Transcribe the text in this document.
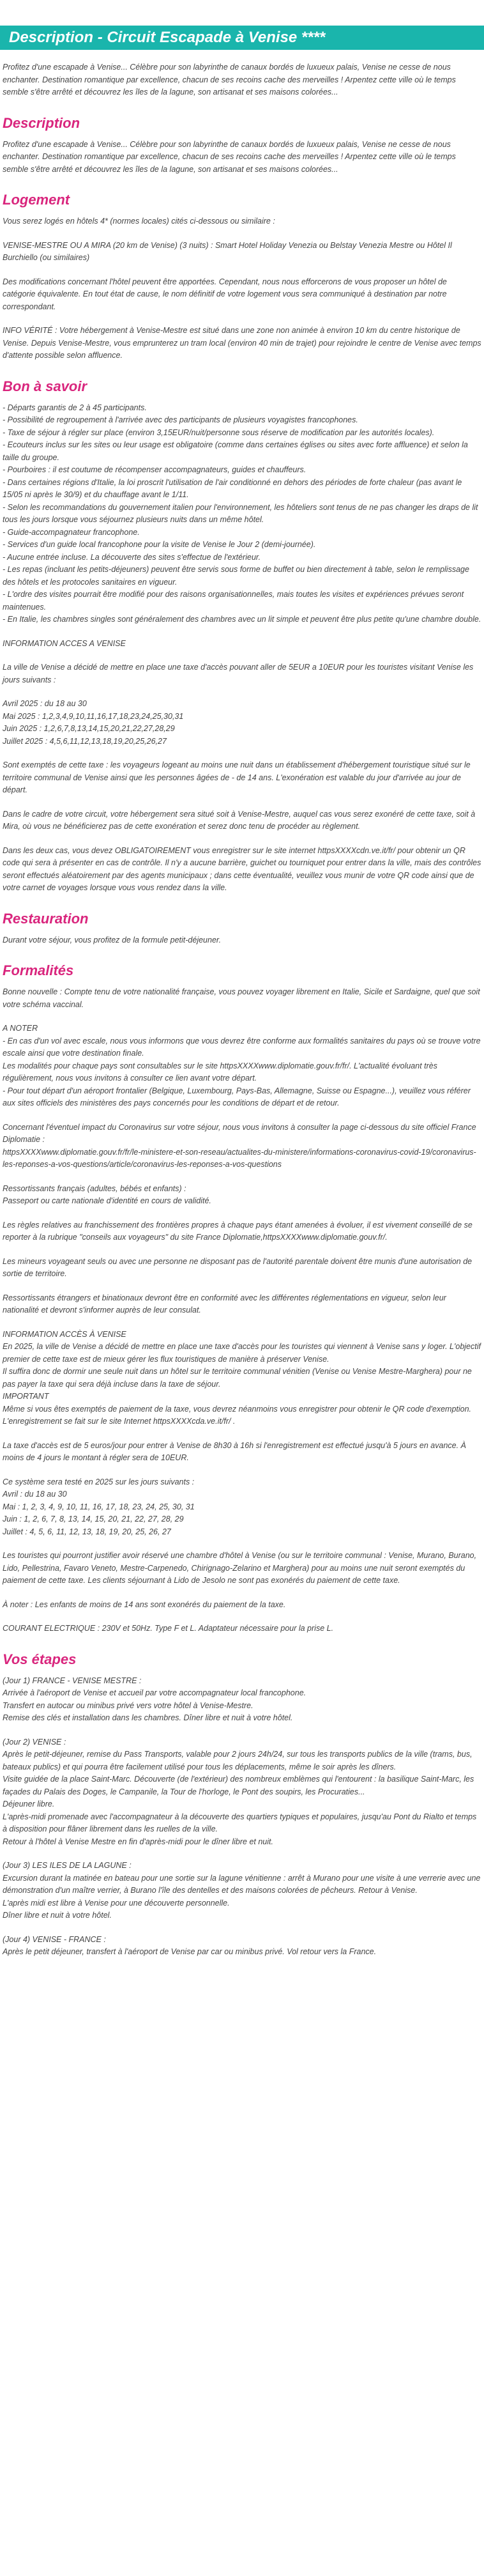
Description - Circuit Escapade à Venise ****

Profitez d'une escapade à Venise... Célèbre pour son labyrinthe de canaux bordés de luxueux palais, Venise ne cesse de nous enchanter. Destination romantique par excellence, chacun de ses recoins cache des merveilles ! Arpentez cette ville où le temps semble s'être arrêté et découvrez les îles de la lagune, son artisanat et ses maisons colorées...

Description

Profitez d'une escapade à Venise... Célèbre pour son labyrinthe de canaux bordés de luxueux palais, Venise ne cesse de nous enchanter. Destination romantique par excellence, chacun de ses recoins cache des merveilles ! Arpentez cette ville où le temps semble s'être arrêté et découvrez les îles de la lagune, son artisanat et ses maisons colorées...

Logement

Vous serez logés en hôtels 4* (normes locales) cités ci-dessous ou similaire :

VENISE-MESTRE OU A MIRA (20 km de Venise) (3 nuits) : Smart Hotel Holiday Venezia ou Belstay Venezia Mestre ou Hôtel Il Burchiello (ou similaires)

Des modifications concernant l'hôtel peuvent être apportées. Cependant, nous nous efforcerons de vous proposer un hôtel de catégorie équivalente. En tout état de cause, le nom définitif de votre logement vous sera communiqué à destination par notre correspondant.

INFO VÉRITÉ : Votre hébergement à Venise-Mestre est situé dans une zone non animée à environ 10 km du centre historique de Venise. Depuis Venise-Mestre, vous emprunterez un tram local (environ 40 min de trajet) pour rejoindre le centre de Venise avec temps d'attente possible selon affluence.

Bon à savoir

- Départs garantis de 2 à 45 participants.
- Possibilité de regroupement à l'arrivée avec des participants de plusieurs voyagistes francophones.
- Taxe de séjour à régler sur place (environ 3,15EUR/nuit/personne sous réserve de modification par les autorités locales).
- Ecouteurs inclus sur les sites ou leur usage est obligatoire (comme dans certaines églises ou sites avec forte affluence) et selon la taille du groupe.
- Pourboires : il est coutume de récompenser accompagnateurs, guides et chauffeurs.
- Dans certaines régions d'Italie, la loi proscrit l'utilisation de l'air conditionné en dehors des périodes de forte chaleur (pas avant le 15/05 ni après le 30/9) et du chauffage avant le 1/11.
- Selon les recommandations du gouvernement italien pour l'environnement, les hôteliers sont tenus de ne pas changer les draps de lit tous les jours lorsque vous séjournez plusieurs nuits dans un même hôtel.
- Guide-accompagnateur francophone.
- Services d'un guide local francophone pour la visite de Venise le Jour 2 (demi-journée).
- Aucune entrée incluse. La découverte des sites s'effectue de l'extérieur.
- Les repas (incluant les petits-déjeuners) peuvent être servis sous forme de buffet ou bien directement à table, selon le remplissage des hôtels et les protocoles sanitaires en vigueur.
- L'ordre des visites pourrait être modifié pour des raisons organisationnelles, mais toutes les visites et expériences prévues seront maintenues.
- En Italie, les chambres singles sont généralement des chambres avec un lit simple et peuvent être plus petite qu'une chambre double.

INFORMATION ACCES A VENISE

La ville de Venise a décidé de mettre en place une taxe d'accès pouvant aller de 5EUR a 10EUR pour les touristes visitant Venise les jours suivants :

Avril 2025 : du 18 au 30
Mai 2025 : 1,2,3,4,9,10,11,16,17,18,23,24,25,30,31
Juin 2025 : 1,2,6,7,8,13,14,15,20,21,22,27,28,29
Juillet 2025 : 4,5,6,11,12,13,18,19,20,25,26,27

Sont exemptés de cette taxe : les voyageurs logeant au moins une nuit dans un établissement d'hébergement touristique situé sur le territoire communal de Venise ainsi que les personnes âgées de - de 14 ans. L'exonération est valable du jour d'arrivée au jour de départ.

Dans le cadre de votre circuit, votre hébergement sera situé soit à Venise-Mestre, auquel cas vous serez exonéré de cette taxe, soit à Mira, où vous ne bénéficierez pas de cette exonération et serez donc tenu de procéder au règlement.

Dans les deux cas, vous devez OBLIGATOIREMENT vous enregistrer sur le site internet httpsXXXXcdn.ve.it/fr/ pour obtenir un QR code qui sera à présenter en cas de contrôle. Il n'y a aucune barrière, guichet ou tourniquet pour entrer dans la ville, mais des contrôles seront effectués aléatoirement par des agents municipaux ; dans cette éventualité, veuillez vous munir de votre QR code ainsi que de votre carnet de voyages lorsque vous vous rendez dans la ville.

Restauration

Durant votre séjour, vous profitez de la formule petit-déjeuner.

Formalités

Bonne nouvelle : Compte tenu de votre nationalité française, vous pouvez voyager librement en Italie, Sicile et Sardaigne, quel que soit votre schéma vaccinal.

A NOTER
- En cas d'un vol avec escale, nous vous informons que vous devrez être conforme aux formalités sanitaires du pays où se trouve votre escale ainsi que votre destination finale.
Les modalités pour chaque pays sont consultables sur le site httpsXXXXwww.diplomatie.gouv.fr/fr/. L'actualité évoluant très régulièrement, nous vous invitons à consulter ce lien avant votre départ.
- Pour tout départ d'un aéroport frontalier (Belgique, Luxembourg, Pays-Bas, Allemagne, Suisse ou Espagne...), veuillez vous référer aux sites officiels des ministères des pays concernés pour les conditions de départ et de retour.

Concernant l'éventuel impact du Coronavirus sur votre séjour, nous vous invitons à consulter la page ci-dessous du site officiel France Diplomatie :
httpsXXXXwww.diplomatie.gouv.fr/fr/le-ministere-et-son-reseau/actualites-du-ministere/informations-coronavirus-covid-19/coronavirus-les-reponses-a-vos-questions/article/coronavirus-les-reponses-a-vos-questions

Ressortissants français (adultes, bébés et enfants) :
Passeport ou carte nationale d'identité en cours de validité.

Les règles relatives au franchissement des frontières propres à chaque pays étant amenées à évoluer, il est vivement conseillé de se reporter à la rubrique "conseils aux voyageurs" du site France Diplomatie,httpsXXXXwww.diplomatie.gouv.fr/.

Les mineurs voyageant seuls ou avec une personne ne disposant pas de l'autorité parentale doivent être munis d'une autorisation de sortie de territoire.

Ressortissants étrangers et binationaux devront être en conformité avec les différentes réglementations en vigueur, selon leur nationalité et devront s'informer auprès de leur consulat.

INFORMATION ACCÈS À VENISE
En 2025, la ville de Venise a décidé de mettre en place une taxe d'accès pour les touristes qui viennent à Venise sans y loger. L'objectif premier de cette taxe est de mieux gérer les flux touristiques de manière à préserver Venise.
Il suffira donc de dormir une seule nuit dans un hôtel sur le territoire communal vénitien (Venise ou Venise Mestre-Marghera) pour ne pas payer la taxe qui sera déjà incluse dans la taxe de séjour.
IMPORTANT
Même si vous êtes exemptés de paiement de la taxe, vous devrez néanmoins vous enregistrer pour obtenir le QR code d'exemption. L'enregistrement se fait sur le site Internet httpsXXXXcda.ve.it/fr/ .

La taxe d'accès est de 5 euros/jour pour entrer à Venise de 8h30 à 16h si l'enregistrement est effectué jusqu'à 5 jours en avance. À moins de 4 jours le montant à régler sera de 10EUR.

Ce système sera testé en 2025 sur les jours suivants :
Avril : du 18 au 30
Mai : 1, 2, 3, 4, 9, 10, 11, 16, 17, 18, 23, 24, 25, 30, 31
Juin : 1, 2, 6, 7, 8, 13, 14, 15, 20, 21, 22, 27, 28, 29
Juillet : 4, 5, 6, 11, 12, 13, 18, 19, 20, 25, 26, 27

Les touristes qui pourront justifier avoir réservé une chambre d'hôtel à Venise (ou sur le territoire communal : Venise, Murano, Burano, Lido, Pellestrina, Favaro Veneto, Mestre-Carpenedo, Chirignago-Zelarino et Marghera) pour au moins une nuit seront exemptés du paiement de cette taxe. Les clients séjournant à Lido de Jesolo ne sont pas exonérés du paiement de cette taxe.

À noter : Les enfants de moins de 14 ans sont exonérés du paiement de la taxe.

COURANT ELECTRIQUE : 230V et 50Hz. Type F et L. Adaptateur nécessaire pour la prise L.

Vos étapes

(Jour 1) FRANCE - VENISE MESTRE :
Arrivée à l'aéroport de Venise et accueil par votre accompagnateur local francophone.
Transfert en autocar ou minibus privé vers votre hôtel à Venise-Mestre.
Remise des clés et installation dans les chambres. Dîner libre et nuit à votre hôtel.

(Jour 2) VENISE :
Après le petit-déjeuner, remise du Pass Transports, valable pour 2 jours 24h/24, sur tous les transports publics de la ville (trams, bus, bateaux publics) et qui pourra être facilement utilisé pour tous les déplacements, même le soir après les dîners.
Visite guidée de la place Saint-Marc. Découverte (de l'extérieur) des nombreux emblèmes qui l'entourent : la basilique Saint-Marc, les façades du Palais des Doges, le Campanile, la Tour de l'horloge, le Pont des soupirs, les Procuraties...
Déjeuner libre.
L'après-midi promenade avec l'accompagnateur à la découverte des quartiers typiques et populaires, jusqu'au Pont du Rialto et temps à disposition pour flâner librement dans les ruelles de la ville.
Retour à l'hôtel à Venise Mestre en fin d'après-midi pour le dîner libre et nuit.

(Jour 3) LES ILES DE LA LAGUNE :
Excursion durant la matinée en bateau pour une sortie sur la lagune vénitienne : arrêt à Murano pour une visite à une verrerie avec une démonstration d'un maître verrier, à Burano l'île des dentelles et des maisons colorées de pêcheurs. Retour à Venise.
L'après midi est libre à Venise pour une découverte personnelle.
Dîner libre et nuit à votre hôtel.

(Jour 4) VENISE - FRANCE :
Après le petit déjeuner, transfert à l'aéroport de Venise par car ou minibus privé. Vol retour vers la France.
